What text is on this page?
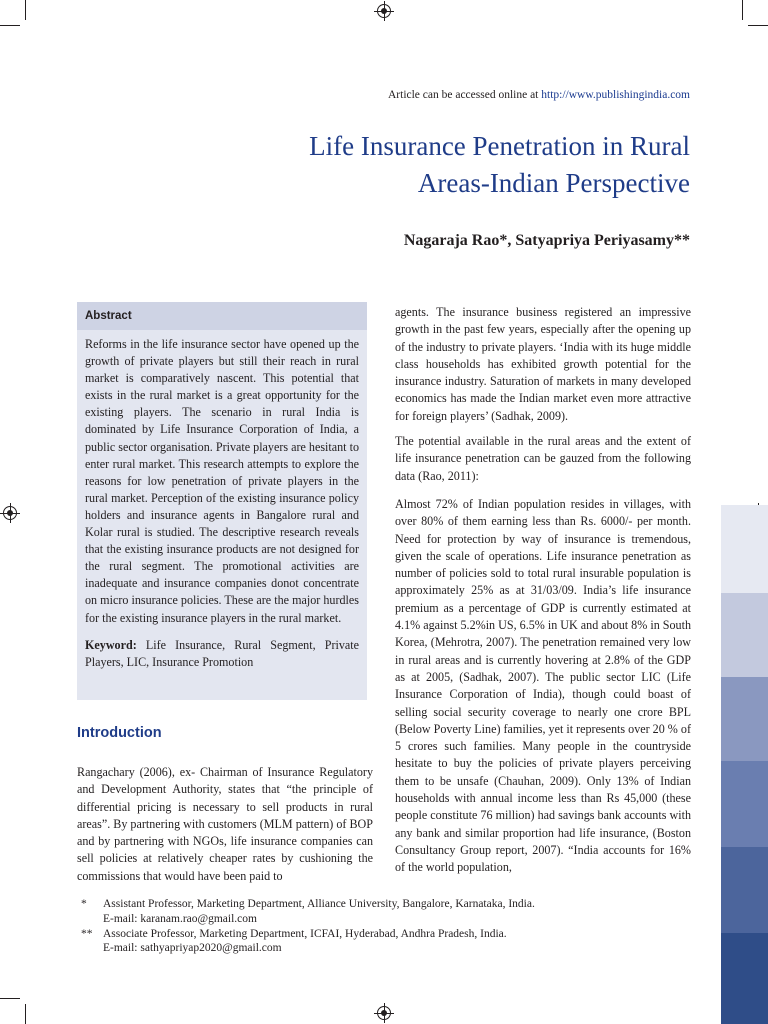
Article can be accessed online at http://www.publishingindia.com
Life Insurance Penetration in Rural
Areas-Indian Perspective
Nagaraja Rao*, Satyapriya Periyasamy**
Abstract

Reforms in the life insurance sector have opened up the growth of private players but still their reach in rural market is comparatively nascent. This potential that exists in the rural market is a great opportunity for the existing players. The scenario in rural India is dominated by Life Insurance Corporation of India, a public sector organisation. Private players are hesitant to enter rural market. This research attempts to explore the reasons for low penetration of private players in the rural market. Perception of the existing insurance policy holders and insurance agents in Bangalore rural and Kolar rural is studied. The descriptive research reveals that the existing insurance products are not designed for the rural segment. The promotional activities are inadequate and insurance companies donot concentrate on micro insurance policies. These are the major hurdles for the existing insurance players in the rural market.

Keyword: Life Insurance, Rural Segment, Private Players, LIC, Insurance Promotion

Introduction

Rangachary (2006), ex- Chairman of Insurance Regulatory and Development Authority, states that “the principle of differential pricing is necessary to sell products in rural areas”. By partnering with customers (MLM pattern) of BOP and by partnering with NGOs, life insurance companies can sell policies at relatively cheaper rates by cushioning the commissions that would have been paid to

agents. The insurance business registered an impressive growth in the past few years, especially after the opening up of the industry to private players. ‘India with its huge middle class households has exhibited growth potential for the insurance industry. Saturation of markets in many developed economics has made the Indian market even more attractive for foreign players’ (Sadhak, 2009).

The potential available in the rural areas and the extent of life insurance penetration can be gauzed from the following data (Rao, 2011):

Almost 72% of Indian population resides in villages, with over 80% of them earning less than Rs. 6000/- per month. Need for protection by way of insurance is tremendous, given the scale of operations. Life insurance penetration as number of policies sold to total rural insurable population is approximately 25% as at 31/03/09. India’s life insurance premium as a percentage of GDP is currently estimated at 4.1% against 5.2%in US, 6.5% in UK and about 8% in South Korea, (Mehrotra, 2007). The penetration remained very low in rural areas and is currently hovering at 2.8% of the GDP as at 2005, (Sadhak, 2007). The public sector LIC (Life Insurance Corporation of India), though could boast of selling social security coverage to nearly one crore BPL (Below Poverty Line) families, yet it represents over 20 % of 5 crores such families. Many people in the countryside hesitate to buy the policies of private players perceiving them to be unsafe (Chauhan, 2009). Only 13% of Indian households with annual income less than Rs 45,000 (these people constitute 76 million) had savings bank accounts with any bank and similar proportion had life insurance, (Boston Consultancy Group report, 2007). “India accounts for 16% of the world population,

* Assistant Professor, Marketing Department, Alliance University, Bangalore, Karnataka, India.
E-mail: karanam.rao@gmail.com
** Associate Professor, Marketing Department, ICFAI, Hyderabad, Andhra Pradesh, India.
E-mail: sathyapriyap2020@gmail.com
